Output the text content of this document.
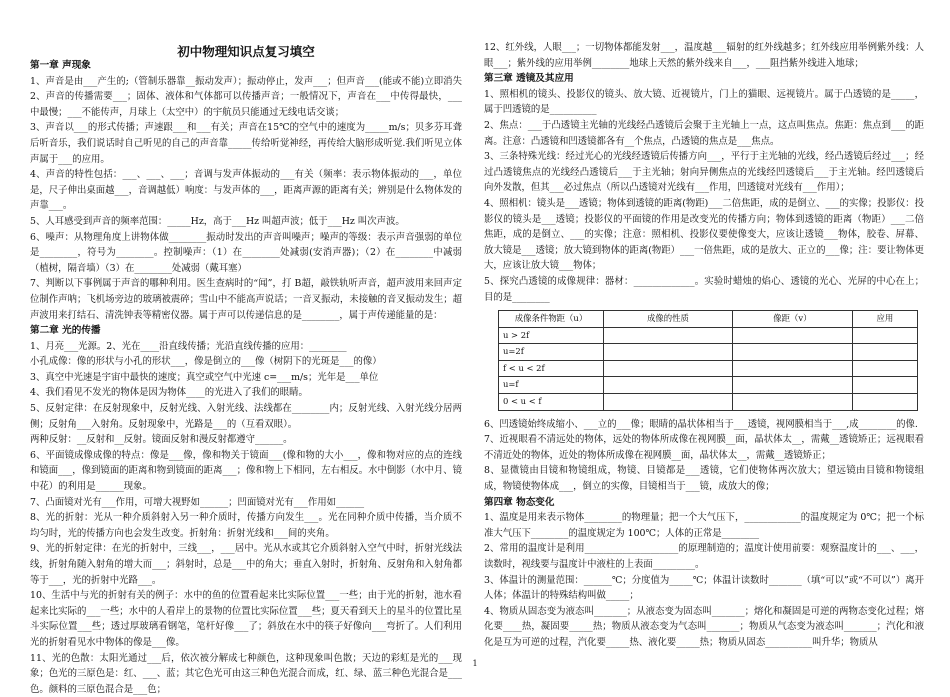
初中物理知识点复习填空
第一章 声现象
1、声音是由___产生的;（管制乐器靠__振动发声）；振动停止，发声___；但声音___(能或不能)立即消失 2、声音的传播需要___；固体、液体和气体都可以传播声音；一般情况下，声音在___中传得最快，___中最慢；___不能传声，月球上（太空中）的宇航员只能通过无线电话交谈；
3、声音以___的形式传播；声速跟___和___有关；声音在15℃的空气中的速度为_____m/s；贝多芬耳聋后听音乐，我们说话时自己听见的自己的声音靠_____传给听觉神经，再传给大脑形成听觉.我们听见立体声属于___的应用。
4、声音的特性包括：___、___、___；音调与发声体振动的___有关（频率：表示物体振动的___，单位是，尺子伸出桌面越___，音调越低）响度：与发声体的___，距离声源的距离有关；辨别是什么物体发的声靠___。
5、人耳感受到声音的频率范围：_____Hz，高于___Hz 叫超声波；低于___Hz 叫次声波。
6、噪声：从物理角度上讲物体做________振动时发出的声音叫噪声；噪声的等级：表示声音强弱的单位是________，符号为________。控制噪声：（1）在________处减弱(安消声器)；（2）在________中减弱（植树，隔音墙）（3）在________处减弱（戴耳塞）
7、判断以下事例属于声音的哪种利用。医生查病时的“闻”，打 B超，敲铁轨听声音，超声波用来回声定位制作声呐；飞机场旁边的玻璃被震碎；雪山中不能高声说话；一音叉振动，未接触的音叉振动发生；超声波用来打结石、清洗钟表等精密仪器。属于声可以传递信息的是________，属于声传递能量的是：
第二章 光的传播
1、月亮___光源。2、光在____沿直线传播；光沿直线传播的应用：________
小孔成像：像的形状与小孔的形状___，像是倒立的___像（树阴下的光斑是___的像）
3、真空中光速是宇宙中最快的速度；真空或空气中光速 c=___m/s；光年是___单位
4、我们看见不发光的物体是因为物体____的光进入了我们的眼睛。
5、反射定律：在反射现象中，反射光线、入射光线、法线都在________内；反射光线、入射光线分居两侧；反射角___入射角。反射现象中，光路是___的（互看双眼）。
两种反射：__反射和__反射。镜面反射和漫反射都遵守______。
6、平面镜成像成像的特点：像是___像，像和物关于镜面___(像和物的大小___，像和物对应的点的连线和镜面___，像到镜面的距离和物到镜面的距离___；像和物上下相同，左右相反。水中倒影（水中月、镜中花）的利用是______现象。
7、凸面镜对光有___作用，可增大视野如______；凹面镜对光有___作用如______
8、光的折射：光从一种介质斜射入另一种介质时，传播方向发生___。光在同种介质中传播，当介质不均匀时，光的传播方向也会发生改变。折射角：折射光线和___间的夹角。
9、光的折射定律：在光的折射中，三线___，___居中。光从水或其它介质斜射入空气中时，折射光线法线，折射角随入射角的增大而___；斜射时，总是___中的角大；垂直入射时，折射角、反射角和入射角都等于___，光的折射中光路___。
10、生活中与光的折射有关的例子：水中的鱼的位置看起来比实际位置___一些；由于光的折射，池水看起来比实际的___一些；水中的人看岸上的景物的位置比实际位置___些；夏天看到天上的星斗的位置比星斗实际位置___些；透过厚玻璃看钢笔，笔杆好像___了；斜放在水中的筷子好像向___弯折了。人们利用光的折射看见水中物体的像是___像。
11、光的色散：太阳光通过___后，依次被分解成七种颜色，这种现象叫色散；天边的彩虹是光的___现象；色光的三原色是：红、___、蓝；其它色光可由这三种色光混合而成，红、绿、蓝三种色光混合是___色。颜料的三原色混合是___色；
12、红外线，人眼___；一切物体都能发射___，温度越___辐射的红外线越多；红外线应用举例紫外线：人眼___；紫外线的应用举例________地球上天然的紫外线来自___，___阻挡紫外线进入地球；
第三章 透镜及其应用
1、照相机的镜头、投影仪的镜头、放大镜、近视镜片，门上的猫眼、远视镜片。属于凸透镜的是_____，属于凹透镜的是__________
2、焦点：___于凸透镜主光轴的光线经凸透镜后会聚于主光轴上一点，这点叫焦点。焦距：焦点到___的距离。注意：凸透镜和凹透镜都各有__个焦点，凸透镜的焦点是___焦点。
3、三条特殊光线：经过光心的光线经透镜后传播方向___，平行于主光轴的光线，经凸透镜后经过___；经过凸透镜焦点的光线经凸透镜后___于主光轴；射向异侧焦点的光线经凹透镜后___于主光轴。经凹透镜后向外发散，但其___必过焦点（所以凸透镜对光线有___作用，凹透镜对光线有___作用）；
4、照相机：镜头是___透镜；物体到透镜的距离(物距)___二倍焦距，成的是倒立、___的实像；投影仪：投影仪的镜头是___透镜；投影仪的平面镜的作用是改变光的传播方向；物体到透镜的距离（物距）___二倍焦距，成的是倒立、___的实像；注意：照相机、投影仪要使像变大，应该让透镜___物体，胶卷、屏幕、放大镜是___透镜；放大镜到物体的距离(物距）___一倍焦距，成的是放大、正立的___像；注：要让物体更大，应该让放大镜___物体；
5、探究凸透镜的成像规律：器材：_____________。实验时蜡烛的焰心、透镜的光心、光屏的中心在上；目的是________
成像条件物距（u）	成像的性质	像距（v）	应用
u > 2f			
u=2f			
f < u < 2f			
u=f			
0 < u < f			
6、凹透镜始终成缩小、___立的___像；眼睛的晶状体相当于___透镜，视网膜相当于___,成________的像.
7、近视眼看不清远处的物体，远处的物体所成像在视网膜__面，晶状体太__，需戴__透镜矫正；远视眼看不清近处的物体，近处的物体所成像在视网膜__面，晶状体太__，需戴__透镜矫正；
8、显微镜由目镜和物镜组成，物镜、目镜都是___透镜，它们使物体两次放大；望远镜由目镜和物镜组成，物镜使物体成___，倒立的实像，目镜相当于___镜，成放大的像；
第四章 物态变化
1、温度是用来表示物体________的物理量；把一个大气压下，____________的温度规定为 0℃；把一个标准大气压下________的温度规定为 100℃；人体的正常是________
2、常用的温度计是利用____________________的原理制造的；温度计使用前要：观察温度计的___、___，读数时，视线要与温度计中液柱的上表面_________。
3、体温计的测量范围：______℃；分度值为_____℃；体温计读数时_______（填“可以”或“不可以”）离开人体；体温计的特殊结构叫做_____；
4、物质从固态变为液态叫_______；从液态变为固态叫_______；熔化和凝固是可逆的两物态变化过程；熔化要____热，凝固要_____热；物质从液态变为气态叫_______；物质从气态变为液态叫_______；汽化和液化是互为可逆的过程，汽化要_____热、液化要_____热；物质从固态__________叫升华；物质从
1
